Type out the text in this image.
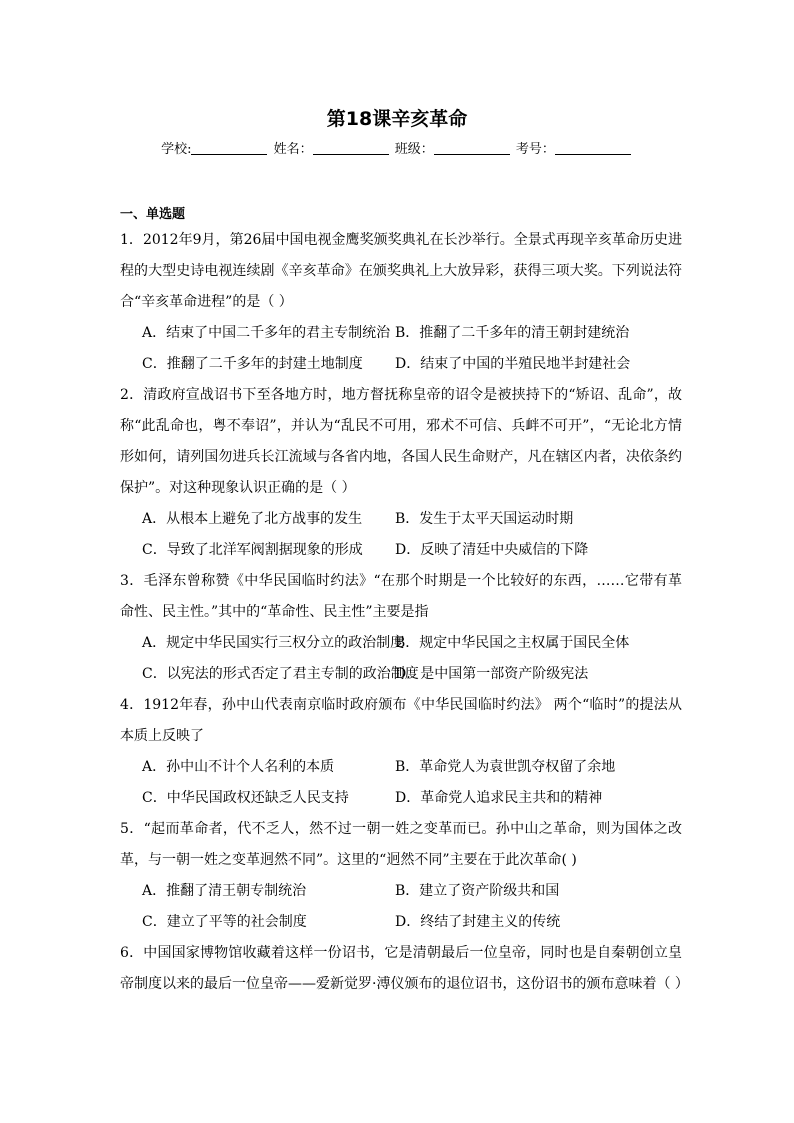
第18课辛亥革命
学校:	姓名：	班级：	考号：
一、单选题

1．2012年9月，第26届中国电视金鹰奖颁奖典礼在长沙举行。全景式再现辛亥革命历史进程的大型史诗电视连续剧《辛亥革命》在颁奖典礼上大放异彩，获得三项大奖。下列说法符合“辛亥革命进程”的是（ ）

A．结束了中国二千多年的君主专制统治 B．推翻了二千多年的清王朝封建统治
C．推翻了二千多年的封建土地制度	D．结束了中国的半殖民地半封建社会

2．清政府宣战诏书下至各地方时，地方督抚称皇帝的诏令是被挟持下的“矫诏、乱命”，故称“此乱命也，粤不奉诏”，并认为“乱民不可用，邪术不可信、兵衅不可开”，“无论北方情形如何，请列国勿进兵长江流域与各省内地，各国人民生命财产，凡在辖区内者，决依条约保护”。对这种现象认识正确的是（ ）

A．从根本上避免了北方战事的发生	B．发生于太平天国运动时期
C．导致了北洋军阀割据现象的形成	D．反映了清廷中央威信的下降

3．毛泽东曾称赞《中华民国临时约法》“在那个时期是一个比较好的东西，……它带有革命性、民主性。”其中的“革命性、民主性”主要是指

A．规定中华民国实行三权分立的政治制度
B．规定中华民国之主权属于国民全体
C．以宪法的形式否定了君主专制的政治制度
D．是中国第一部资产阶级宪法

4．1912年春，孙中山代表南京临时政府颁布《中华民国临时约法》 两个“临时”的提法从本质上反映了

A．孙中山不计个人名利的本质	B．革命党人为袁世凯夺权留了余地
C．中华民国政权还缺乏人民支持	D．革命党人追求民主共和的精神

5．“起而革命者，代不乏人，然不过一朝一姓之变革而已。孙中山之革命，则为国体之改革，与一朝一姓之变革迥然不同”。这里的“迥然不同”主要在于此次革命( )

A．推翻了清王朝专制统治	B．建立了资产阶级共和国
C．建立了平等的社会制度	D．终结了封建主义的传统

6．中国国家博物馆收藏着这样一份诏书，它是清朝最后一位皇帝，同时也是自秦朝创立皇帝制度以来的最后一位皇帝——爱新觉罗·溥仪颁布的退位诏书，这份诏书的颁布意味着（ ）
